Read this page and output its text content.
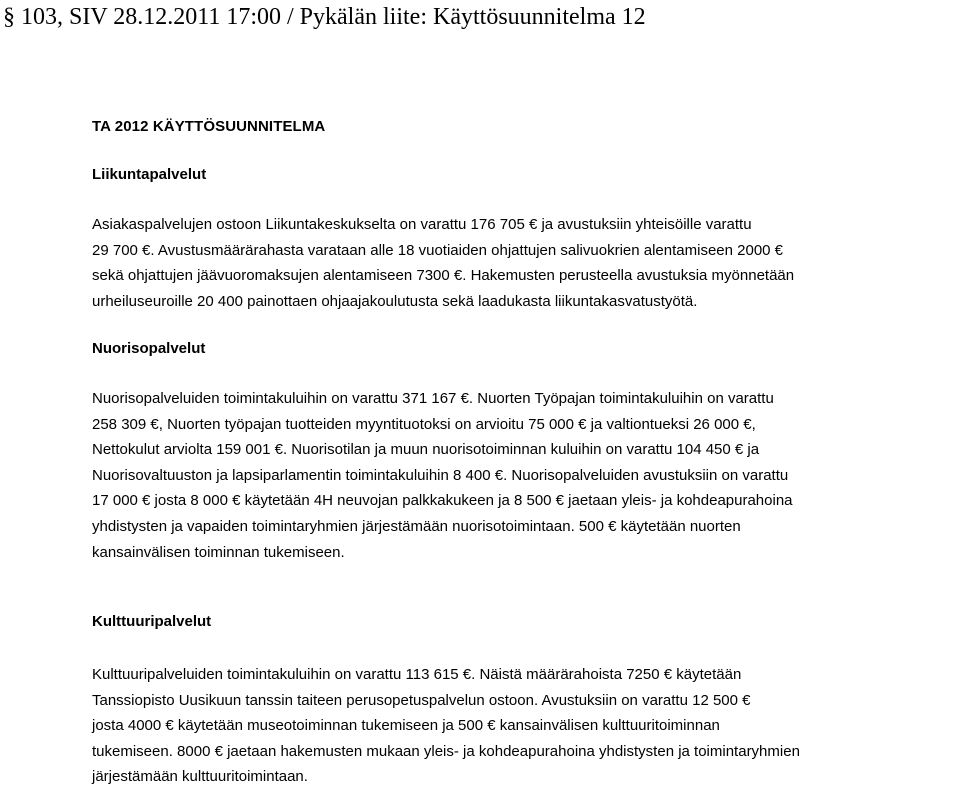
§ 103, SIV 28.12.2011 17:00 / Pykälän liite: Käyttösuunnitelma 12
TA 2012 KÄYTTÖSUUNNITELMA
Liikuntapalvelut
Asiakaspalvelujen ostoon Liikuntakeskukselta on varattu 176 705 € ja avustuksiin yhteisöille varattu
29 700 €. Avustusmäärärahasta varataan alle 18 vuotiaiden ohjattujen salivuokrien alentamiseen 2000 €
sekä ohjattujen jäävuoromaksujen alentamiseen 7300 €. Hakemusten perusteella avustuksia myönnetään
urheiluseuroille 20 400 painottaen ohjaajakoulutusta sekä laadukasta liikuntakasvatustyötä.
Nuorisopalvelut
Nuorisopalveluiden toimintakuluihin on varattu 371 167 €. Nuorten Työpajan toimintakuluihin on varattu
258 309 €, Nuorten työpajan tuotteiden myyntituotoksi on arvioitu 75 000 € ja valtiontueksi 26 000 €,
Nettokulut arviolta 159 001 €. Nuorisotilan ja muun nuorisotoiminnan kuluihin on varattu 104 450 € ja
Nuorisovaltuuston ja lapsiparlamentin toimintakuluihin 8 400 €. Nuorisopalveluiden avustuksiin on varattu
17 000 € josta 8 000 € käytetään 4H neuvojan palkkakukeen ja 8 500 € jaetaan yleis- ja kohdeapurahoina
yhdistysten ja vapaiden toimintaryhmien järjestämään nuorisotoimintaan. 500 € käytetään nuorten
kansainvälisen toiminnan tukemiseen.
Kulttuuripalvelut
Kulttuuripalveluiden toimintakuluihin on varattu 113 615 €. Näistä määrärahoista 7250 € käytetään
Tanssiopisto Uusikuun tanssin taiteen perusopetuspalvelun ostoon. Avustuksiin on varattu 12 500 €
josta 4000 € käytetään museotoiminnan tukemiseen ja 500 € kansainvälisen kulttuuritoiminnan
tukemiseen. 8000 € jaetaan hakemusten mukaan yleis- ja kohdeapurahoina yhdistysten ja toimintaryhmien
järjestämään kulttuuritoimintaan.
